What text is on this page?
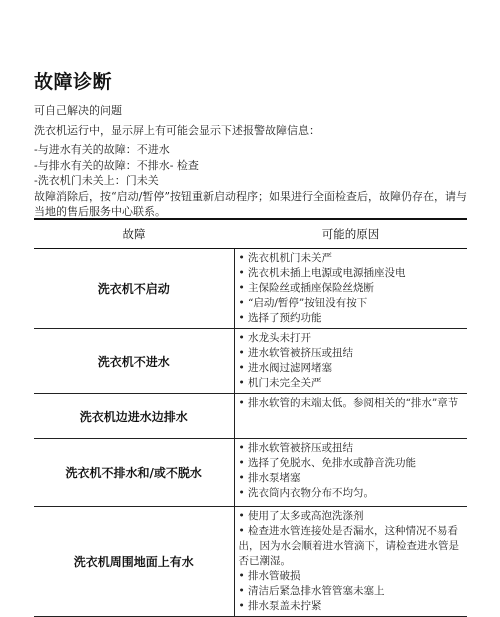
故障诊断
可自己解决的问题
洗衣机运行中，显示屏上有可能会显示下述报警故障信息：
-与进水有关的故障：不进水
-与排水有关的故障：不排水- 检查
-洗衣机门未关上：门未关
故障消除后，按“启动/暂停”按钮重新启动程序；如果进行全面检查后，故障仍存在，请与当地的售后服务中心联系。
故障	可能的原因
洗衣机不启动	• 洗衣机机门未关严
• 洗衣机未插上电源或电源插座没电
• 主保险丝或插座保险丝烧断
• “启动/暂停”按钮没有按下
• 选择了预约功能

洗衣机不进水	• 水龙头未打开
• 进水软管被挤压或扭结
• 进水阀过滤网堵塞
• 机门未完全关严

洗衣机边进水边排水	• 排水软管的末端太低。参阅相关的“排水”章节

洗衣机不排水和/或不脱水	• 排水软管被挤压或扭结
• 选择了免脱水、免排水或静音洗功能
• 排水泵堵塞
• 洗衣筒内衣物分布不均匀。

洗衣机周围地面上有水	• 使用了太多或高泡洗涤剂
• 检查进水管连接处是否漏水，这种情况不易看出，因为水会顺着进水管滴下，请检查进水管是否已潮湿。
• 排水管破损
• 清洁后紧急排水管管塞未塞上
• 排水泵盖未拧紧
